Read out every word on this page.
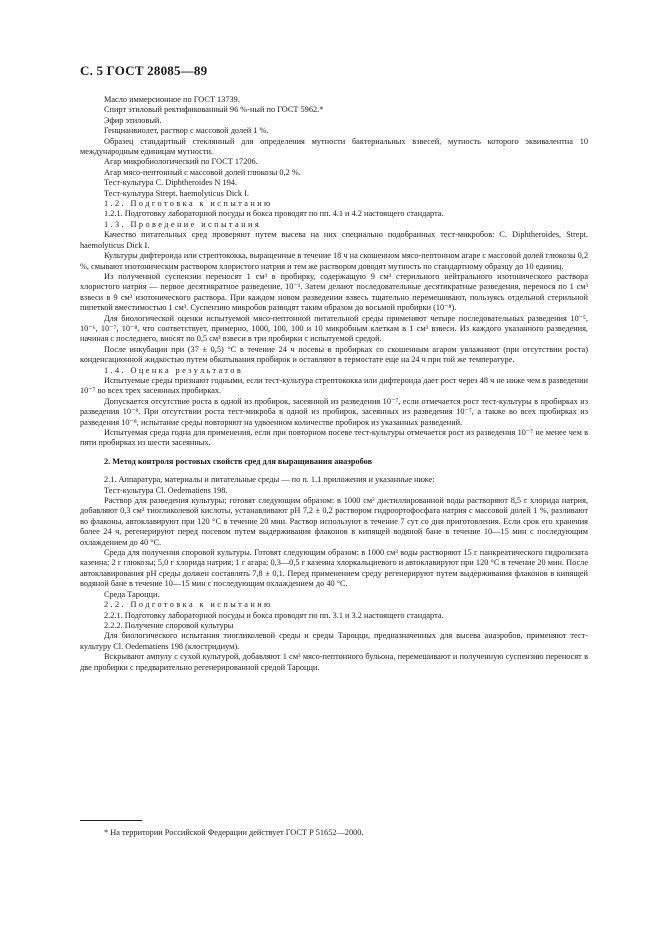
С. 5 ГОСТ 28085—89

Масло иммерсионное по ГОСТ 13739.

Спирт этиловый ректификованный 96 %-ный по ГОСТ 5962.*

Эфир этиловый.

Генцианвиолет, раствор с массовой долей 1 %.

Образец стандартный стеклянный для определения мутности бактериальных взвесей, мутность которого эквивалентна 10 международным единицам мутности.

Агар микробиологический по ГОСТ 17206.

Агар мясо-пептонный с массовой долей глюкозы 0,2 %.

Тест-культура C. Diphtheroides N 194.

Тест-культура Strept. haemolyticus Dick I.

1.2. Подготовка к испытанию

1.2.1. Подготовку лабораторной посуды и бокса проводят по пп. 4.1 и 4.2 настоящего стандарта.

1.3. Проведение испытания

Качество питательных сред проверяют путем высева на них специально подобранных тест-микробов: C. Diphtheroides, Strept. haemolyticus Dick I.

Культуры дифтероида или стрептококка, выращенные в течение 18 ч на скошенном мясо-пептонном агаре с массовой долей глюкозы 0,2 %, смывают изотоническим раствором хлористого натрия и тем же раствором доводят мутность по стандартному образцу до 10 единиц.

Из полученной суспензии переносят 1 см³ в пробирку, содержащую 9 см³ стерильного нейтрального изотонического раствора хлористого натрия — первое десятикратное разведение, 10⁻¹. Затем делают последовательные десятикратные разведения, перенося по 1 см³ взвеси в 9 см³ изотонического раствора. При каждом новом разведении взвесь тщательно перемешивают, пользуясь отдельной стерильной пипеткой вместимостью 1 см³. Суспензию микробов разводят таким образом до восьмой пробирки (10⁻⁸).

Для биологической оценки испытуемой мясо-пептонной питательной среды применяют четыре последовательных разведения 10⁻⁵, 10⁻⁶, 10⁻⁷, 10⁻⁸, что соответствует, примерно, 1000, 100, 100 и 10 микробным клеткам в 1 см³ взвеси. Из каждого указанного разведения, начиная с последнего, вносят по 0,5 см³ взвеси в три пробирки с испытуемой средой.

После инкубации при (37 ± 0,5) °С в течение 24 ч посевы в пробирках со скошенным агаром увлажняют (при отсутствии роста) конденсационной жидкостью путем обкатывания пробирок и оставляют в термостате еще на 24 ч при той же температуре.

1.4. Оценка результатов

Испытуемые среды признают годными, если тест-культура стрептококка или дифтероида дает рост через 48 ч не ниже чем в разведении 10⁻⁷ во всех трех засеянных пробирках.

Допускается отсутствие роста в одной из пробирок, засеянной из разведения 10⁻⁷, если отмечается рост тест-культуры в пробирках из разведения 10⁻⁸. При отсутствии роста тест-микроба в одной из пробирок, засеянных из разведения 10⁻⁷, а также во всех пробирках из разведения 10⁻⁸, испытание среды повторяют на удвоенном количестве пробирок из указанных разведений.

Испытуемая среда годна для применения, если при повторном посеве тест-культуры отмечается рост из разведения 10⁻⁷ не менее чем в пяти пробирках из шести засеянных.

2. Метод контроля ростовых свойств сред для выращивания анаэробов

2.1. Аппаратура, материалы и питательные среды — по п. 1.1 приложения и указанные ниже:

Тест-культура Cl. Oedematiens 198.

Раствор для разведения культуры; готовят следующим образом: в 1000 см³ дистиллированной воды растворяют 8,5 г хлорида натрия, добавляют 0,3 см³ тиогликолевой кислоты, устанавливают pH 7,2 ± 0,2 раствором гидроортофосфата натрия с массовой долей 1 %, разливают во флаконы, автоклавируют при 120 °С в течение 20 мин. Раствор используют в течение 7 сут со дня приготовления. Если срок его хранения более 24 ч, регенерируют перед посевом путем выдерживания флаконов в кипящей водяной бане в течение 10—15 мин с последующим охлаждением до 40 °С.

Среда для получения споровой культуры. Готовят следующим образом: в 1000 см³ воды растворяют 15 г панкреатического гидролизата казеина; 2 г глюкозы; 5,0 г хлорида натрия; 1 г агара; 0,3—0,5 г казеина хлоркальциевого и автоклавируют при 120 °С в течение 20 мин. После автоклавирования pH среды должен составлять 7,8 ± 0,1. Перед применением среду регенерируют путем выдерживания флаконов в кипящей водяной бане в течение 10—15 мин с последующим охлаждением до 40 °С.

Среда Тароцци.

2.2. Подготовка к испытанию

2.2.1. Подготовку лабораторной посуды и бокса проводят по пп. 3.1 и 3.2 настоящего стандарта.

2.2.2. Получение споровой культуры

Для биологического испытания тиогликолевой среды и среды Тароцци, предназначенных для высева анаэробов, применяют тест-культуру Cl. Oedematiens 198 (клостридиум).

Вскрывают ампулу с сухой культурой, добавляют 1 см³ мясо-пептонного бульона, перемешивают и полученную суспензию переносят в две пробирки с предварительно регенерированной средой Тароцци.

* На территории Российской Федерации действует ГОСТ Р 51652—2000.
